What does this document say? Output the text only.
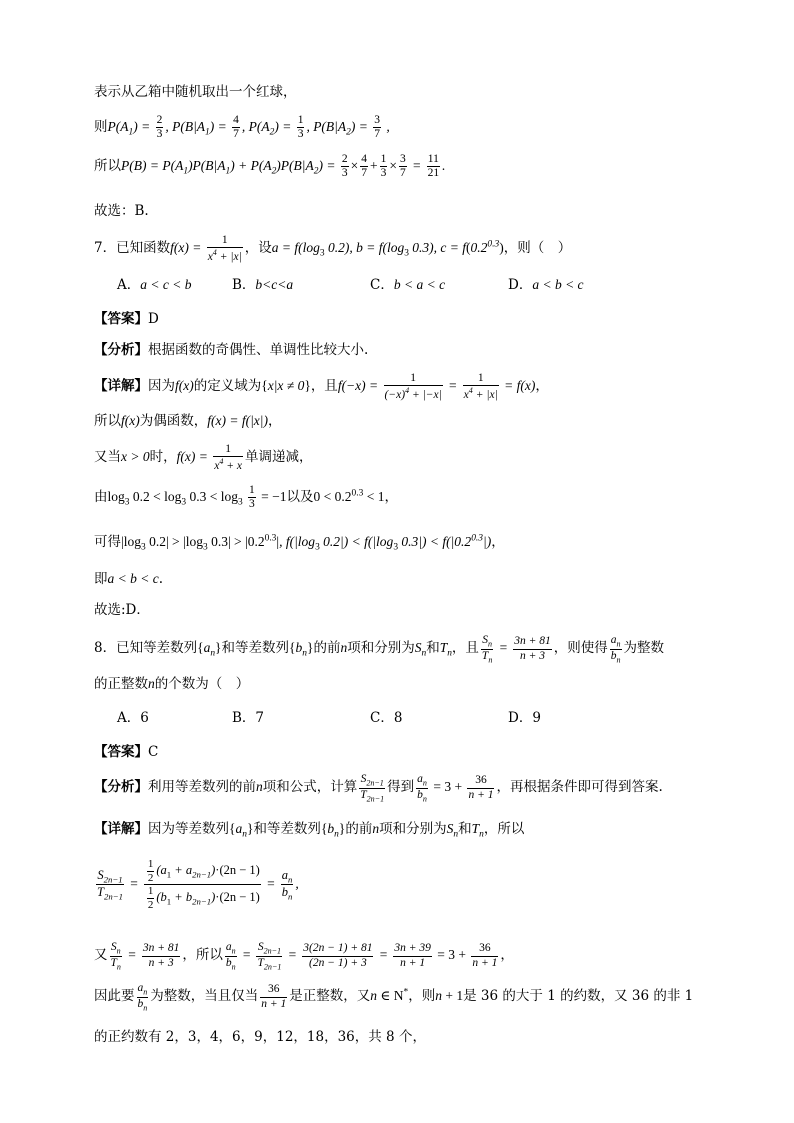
表示从乙箱中随机取出一个红球，
则$P(A_1) = \frac{2}{3}$ , $P(B|A_1) = \frac{4}{7}$ , $P(A_2) = \frac{1}{3}$ , $P(B|A_2) = \frac{3}{7}$ ,
所以$P(B) = P(A_1)P(B|A_1) + P(A_2)P(B|A_2) = \frac{2}{3} \times \frac{4}{7} + \frac{1}{3} \times \frac{3}{7} = \frac{11}{21}$ .
故选：B.
7．已知函数$f(x) = \frac{1}{x^4 + |x|}$ ，设$a = f(\log_3$ 0.2), $b = f(\log_3$ 0.3), $c = f(0.2^{0.3})$，则（　）
A．a < c < b	B．b<c<a	C．b < a < c	D．a < b < c
【答案】D
【分析】根据函数的奇偶性、单调性比较大小.
【详解】因为f(x)的定义域为{x|x ≠ 0}，且$f(-x) = \frac{1}{(-x)^4 + |-x|} = \frac{1}{x^4 + |x|} = f(x)$，
所以f(x)为偶函数，f(x) = f(|x|)，
又当x > 0时，$f(x) = \frac{1}{x^4 + x}$ 单调递减，
由$\log_3 0.2 < \log_3 0.3 < \log_3 \frac{1}{3} = -1$以及$0 < 0.2^{0.3} < 1$，
可得$|\log_3$ $0.2| > |\log_3$ $0.3| > |0.2^{0.3}|$, $f(|\log_3$ $0.2|) < f(|\log_3$ $0.3|) < f(|0.2^{0.3}|)$，
即a < b < c.
故选:D．
8．已知等差数列$\{a_n\}$和等差数列$\{b_n\}$的前n项和分别为$S_n$和$T_n$，且 $\frac{S_n}{T_n} = \frac{3n + 81}{n + 3}$ ，则使得 $\frac{a_n}{b_n}$ 为整数
的正整数n的个数为（　）
A．6	B．7	C．8	D．9
【答案】C
【分析】利用等差数列的前n项和公式，计算 $\frac{S_{2n-1}}{T_{2n-1}}$ 得到 $\frac{a_n}{b_n} = 3 + \frac{36}{n + 1}$ ，再根据条件即可得到答案.
【详解】因为等差数列$\{a_n\}$和等差数列$\{b_n\}$的前n项和分别为$S_n$和$T_n$，所以
$\frac{S_{2n-1}}{T_{2n-1}} = \frac{\frac{1}{2} (a_1 + a_{2n-1})\cdot(2n - 1)}{\frac{1}{2} (b_1 + b_{2n-1})\cdot(2n - 1)} = \frac{a_n}{b_n}$ ,
又 $\frac{S_n}{T_n} = \frac{3n + 81}{n + 3}$ ，所以 $\frac{a_n}{b_n} = \frac{S_{2n-1}}{T_{2n-1}} = \frac{3(2n - 1) + 81}{(2n - 1) + 3} = \frac{3n + 39}{n + 1} = 3 + \frac{36}{n + 1}$ ，
因此要 $\frac{a_n}{b_n}$ 为整数，当且仅当 $\frac{36}{n + 1}$ 是正整数，又n ∈ N*，则n + 1是 36 的大于 1 的约数，又 36 的非 1
的正约数有 2，3，4，6，9，12，18，36，共 8 个，
